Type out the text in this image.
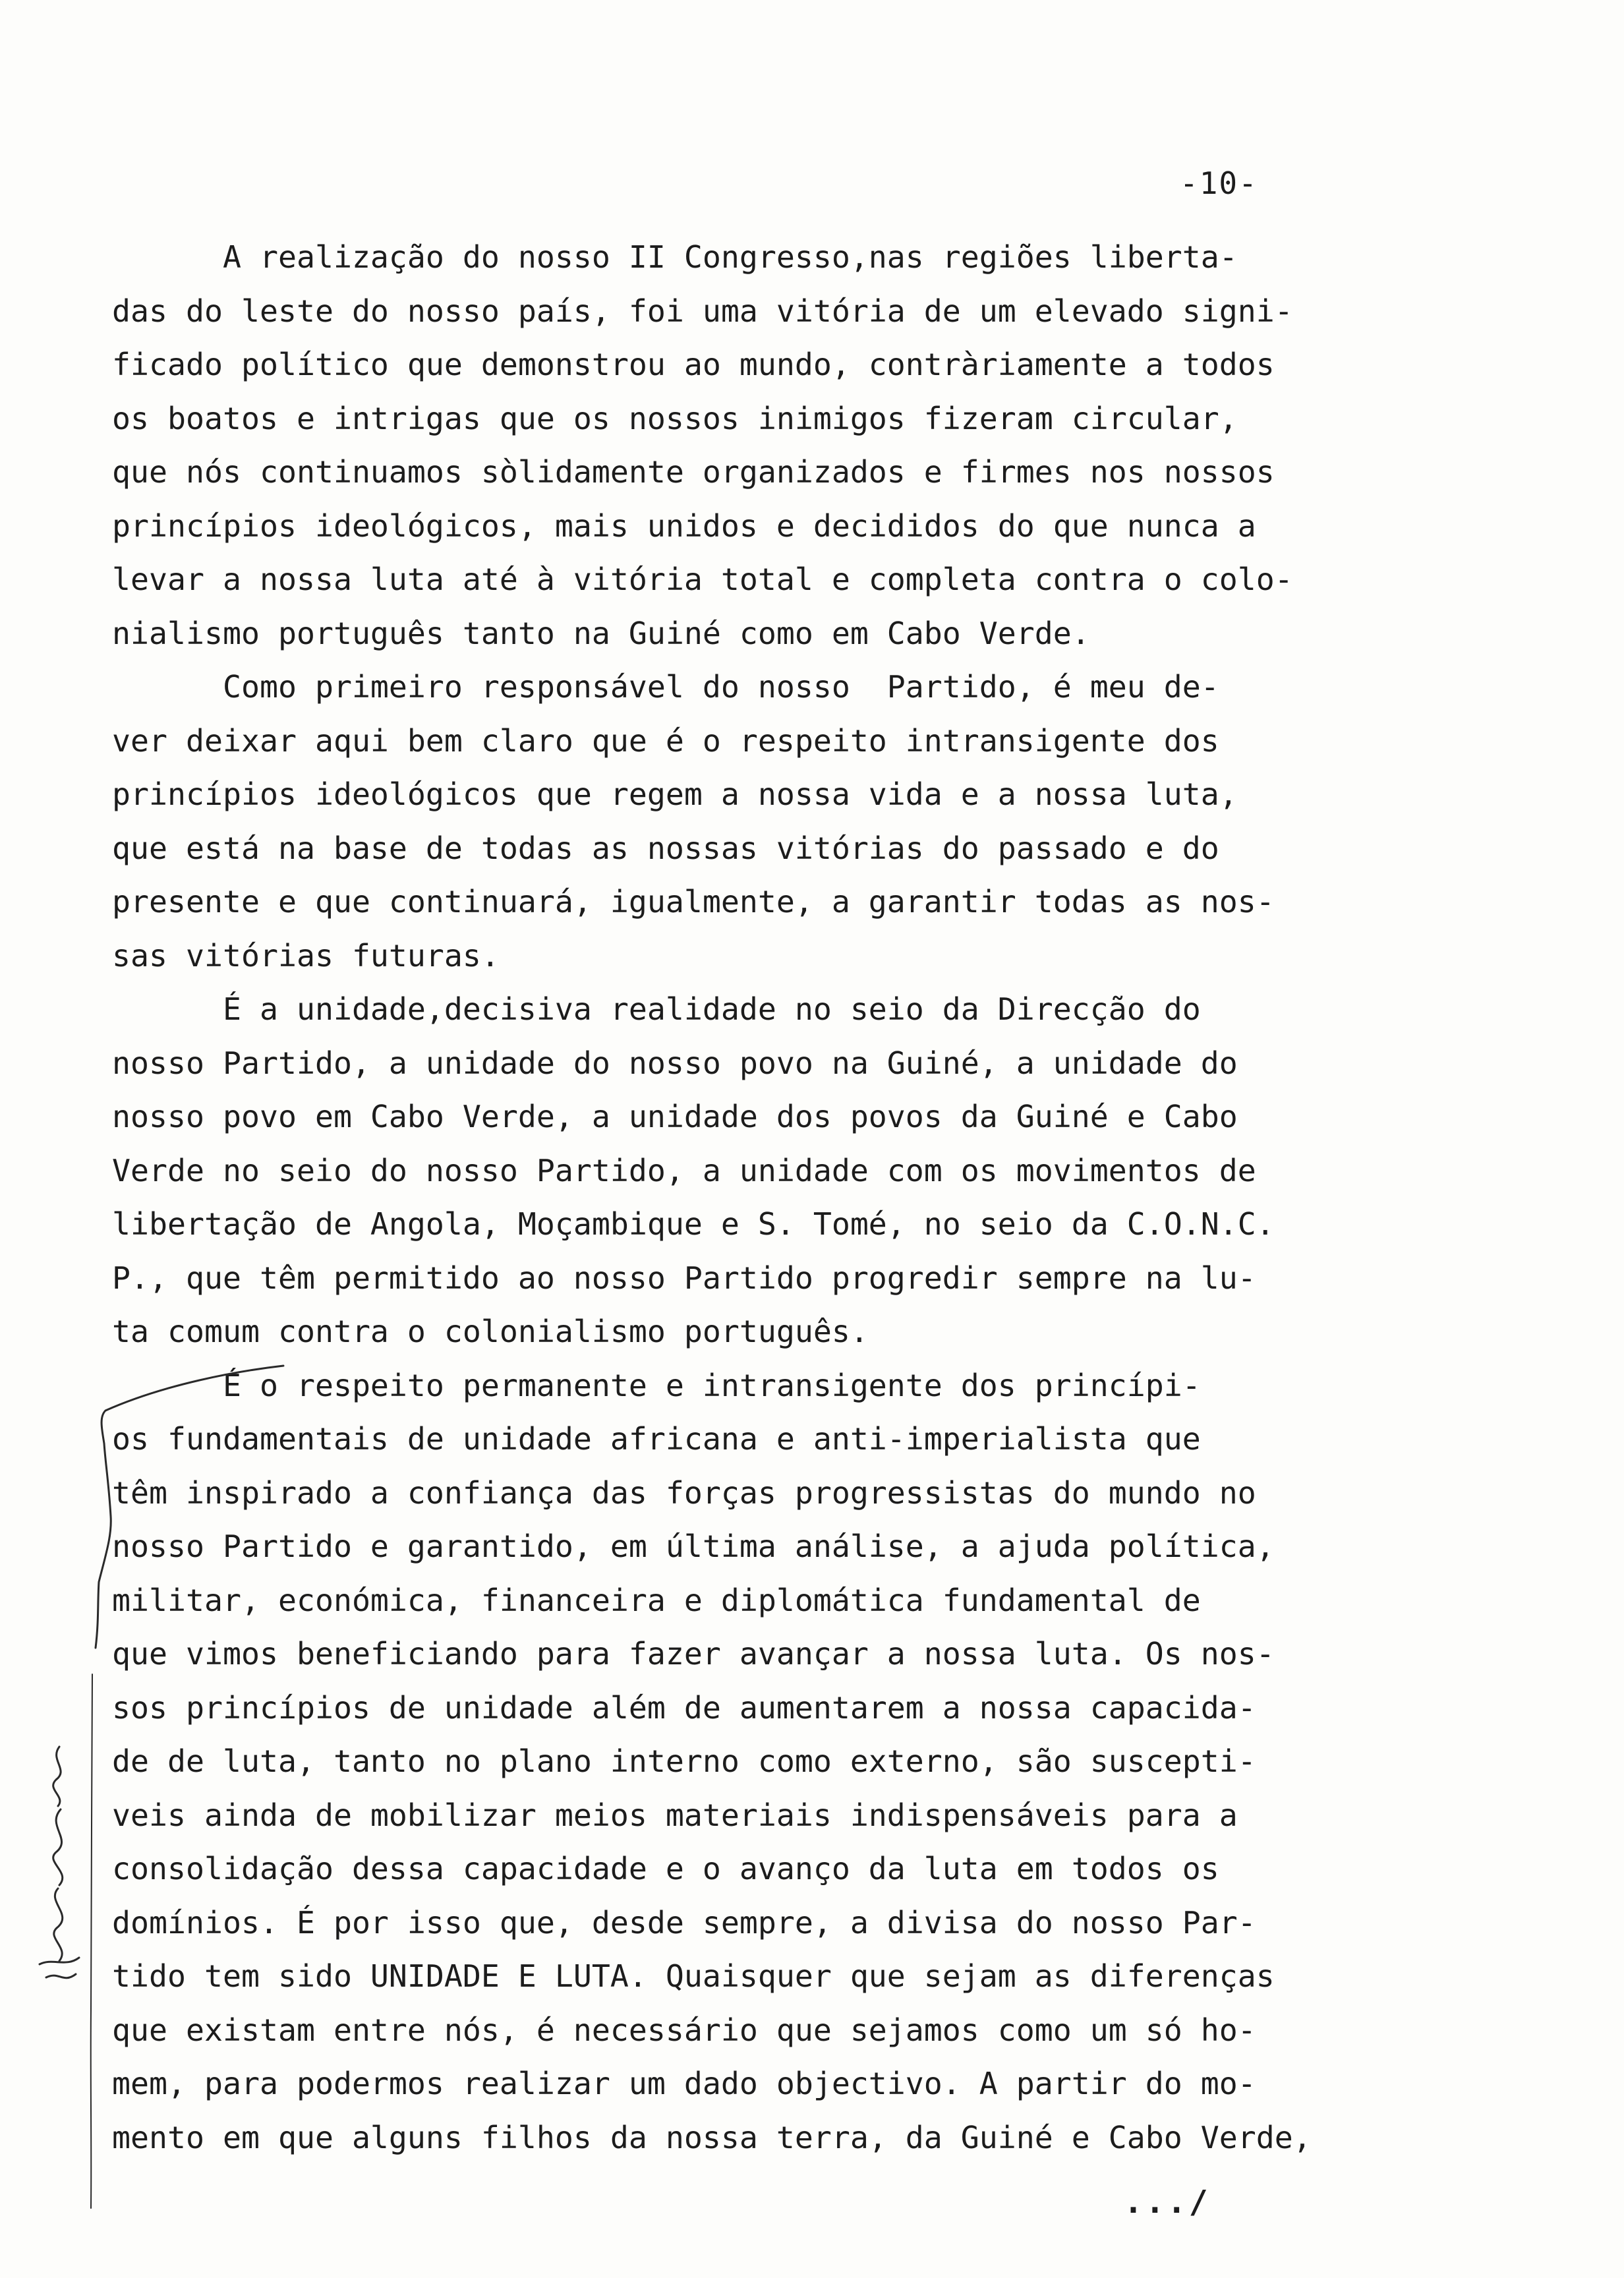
-10-
A realização do nosso II Congresso,nas regiões liberta-
das do leste do nosso país, foi uma vitória de um elevado signi-
ficado político que demonstrou ao mundo, contràriamente a todos
os boatos e intrigas que os nossos inimigos fizeram circular,
que nós continuamos sòlidamente organizados e firmes nos nossos
princípios ideológicos, mais unidos e decididos do que nunca a
levar a nossa luta até à vitória total e completa contra o colo-
nialismo português tanto na Guiné como em Cabo Verde.
Como primeiro responsável do nosso  Partido, é meu de-
ver deixar aqui bem claro que é o respeito intransigente dos
princípios ideológicos que regem a nossa vida e a nossa luta,
que está na base de todas as nossas vitórias do passado e do
presente e que continuará, igualmente, a garantir todas as nos-
sas vitórias futuras.
É a unidade,decisiva realidade no seio da Direcção do
nosso Partido, a unidade do nosso povo na Guiné, a unidade do
nosso povo em Cabo Verde, a unidade dos povos da Guiné e Cabo
Verde no seio do nosso Partido, a unidade com os movimentos de
libertação de Angola, Moçambique e S. Tomé, no seio da C.O.N.C.
P., que têm permitido ao nosso Partido progredir sempre na lu-
ta comum contra o colonialismo português.
É o respeito permanente e intransigente dos princípi-
os fundamentais de unidade africana e anti-imperialista que
têm inspirado a confiança das forças progressistas do mundo no
nosso Partido e garantido, em última análise, a ajuda política,
militar, económica, financeira e diplomática fundamental de
que vimos beneficiando para fazer avançar a nossa luta. Os nos-
sos princípios de unidade além de aumentarem a nossa capacida-
de de luta, tanto no plano interno como externo, são suscepti-
veis ainda de mobilizar meios materiais indispensáveis para a
consolidação dessa capacidade e o avanço da luta em todos os
domínios. É por isso que, desde sempre, a divisa do nosso Par-
tido tem sido UNIDADE E LUTA. Quaisquer que sejam as diferenças
que existam entre nós, é necessário que sejamos como um só ho-
mem, para podermos realizar um dado objectivo. A partir do mo-
mento em que alguns filhos da nossa terra, da Guiné e Cabo Verde,
.../
